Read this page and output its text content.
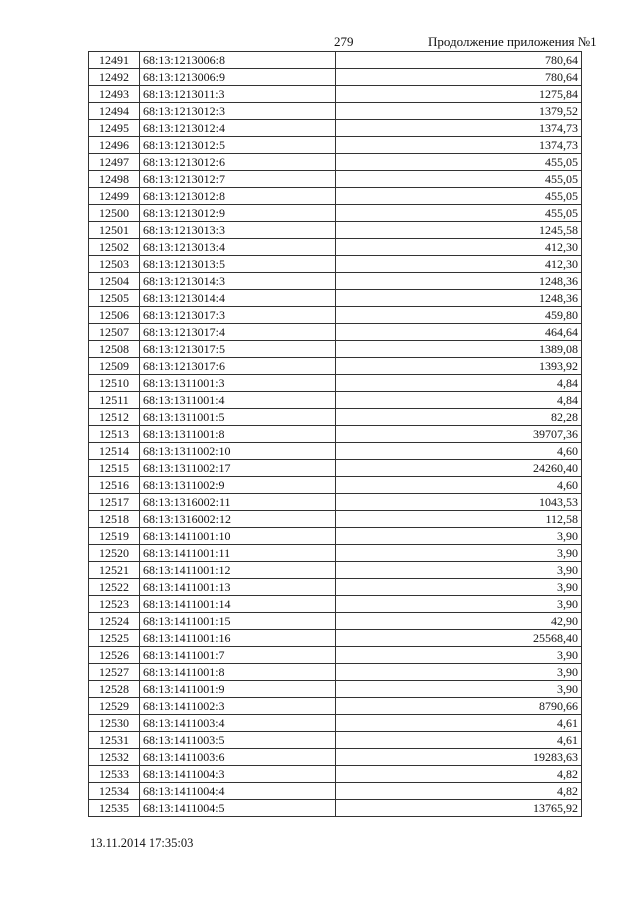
279	Продолжение приложения №1
12491	68:13:1213006:8	780,64
12492	68:13:1213006:9	780,64
12493	68:13:1213011:3	1275,84
12494	68:13:1213012:3	1379,52
12495	68:13:1213012:4	1374,73
12496	68:13:1213012:5	1374,73
12497	68:13:1213012:6	455,05
12498	68:13:1213012:7	455,05
12499	68:13:1213012:8	455,05
12500	68:13:1213012:9	455,05
12501	68:13:1213013:3	1245,58
12502	68:13:1213013:4	412,30
12503	68:13:1213013:5	412,30
12504	68:13:1213014:3	1248,36
12505	68:13:1213014:4	1248,36
12506	68:13:1213017:3	459,80
12507	68:13:1213017:4	464,64
12508	68:13:1213017:5	1389,08
12509	68:13:1213017:6	1393,92
12510	68:13:1311001:3	4,84
12511	68:13:1311001:4	4,84
12512	68:13:1311001:5	82,28
12513	68:13:1311001:8	39707,36
12514	68:13:1311002:10	4,60
12515	68:13:1311002:17	24260,40
12516	68:13:1311002:9	4,60
12517	68:13:1316002:11	1043,53
12518	68:13:1316002:12	112,58
12519	68:13:1411001:10	3,90
12520	68:13:1411001:11	3,90
12521	68:13:1411001:12	3,90
12522	68:13:1411001:13	3,90
12523	68:13:1411001:14	3,90
12524	68:13:1411001:15	42,90
12525	68:13:1411001:16	25568,40
12526	68:13:1411001:7	3,90
12527	68:13:1411001:8	3,90
12528	68:13:1411001:9	3,90
12529	68:13:1411002:3	8790,66
12530	68:13:1411003:4	4,61
12531	68:13:1411003:5	4,61
12532	68:13:1411003:6	19283,63
12533	68:13:1411004:3	4,82
12534	68:13:1411004:4	4,82
12535	68:13:1411004:5	13765,92
13.11.2014 17:35:03
